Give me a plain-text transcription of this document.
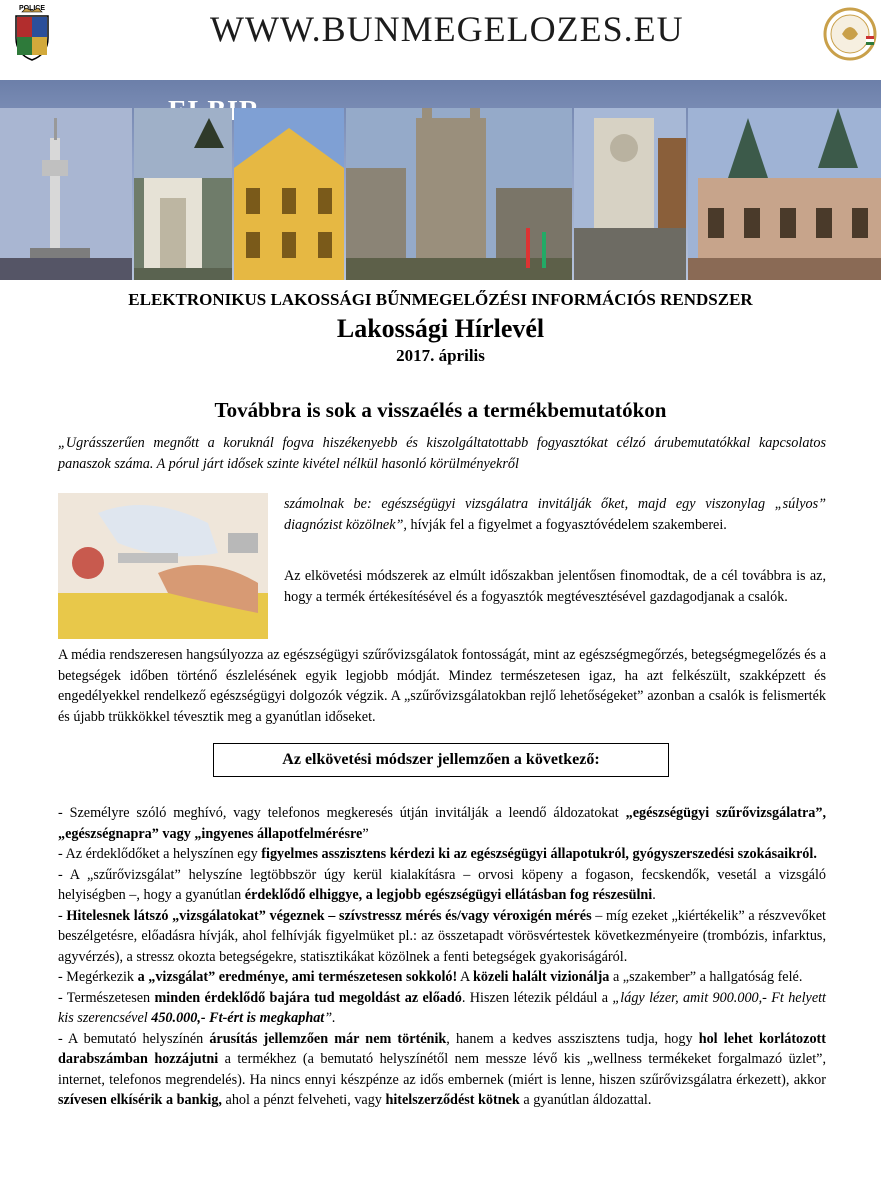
POLICE
WWW.BUNMEGELOZES.EU
ELEKTRONIKUS LAKOSSÁGI BŰNMEGELŐZÉSI INFORMÁCIÓS RENDSZER
Lakossági Hírlevél
2017. április
Továbbra is sok a visszaélés a termékbemutatókon
„Ugrásszerűen megnőtt a koruknál fogva hiszékenyebb és kiszolgáltatottabb fogyasztókat célzó árubemutatókkal kapcsolatos panaszok száma. A pórul járt idősek szinte kivétel nélkül hasonló körülményekről
számolnak be: egészségügyi vizsgálatra invitálják őket, majd egy viszonylag „súlyos” diagnózist közölnek”, hívják fel a figyelmet a fogyasztóvédelem szakemberei.
Az elkövetési módszerek az elmúlt időszakban jelentősen finomodtak, de a cél továbbra is az, hogy a termék értékesítésével és a fogyasztók megtévesztésével gazdagodjanak a csalók.
A média rendszeresen hangsúlyozza az egészségügyi szűrővizsgálatok fontosságát, mint az egészségmegőrzés, betegségmegelőzés és a betegségek időben történő észlelésének egyik legjobb módját. Mindez természetesen igaz, ha azt felkészült, szakképzett és engedélyekkel rendelkező egészségügyi dolgozók végzik. A „szűrővizsgálatokban rejlő lehetőségeket” azonban a csalók is felismerték és újabb trükkökkel tévesztik meg a gyanútlan időseket.
Az elkövetési módszer jellemzően a következő:

- Személyre szóló meghívó, vagy telefonos megkeresés útján invitálják a leendő áldozatokat „egészségügyi szűrővizsgálatra”, „egészségnapra” vagy „ingyenes állapotfelmérésre”

- Az érdeklődőket a helyszínen egy figyelmes asszisztens kérdezi ki az egészségügyi állapotukról, gyógyszerszedési szokásaikról.

- A „szűrővizsgálat” helyszíne legtöbbször úgy kerül kialakításra – orvosi köpeny a fogason, fecskendők, vesetál a vizsgáló helyiségben –, hogy a gyanútlan érdeklődő elhiggye, a legjobb egészségügyi ellátásban fog részesülni.

- Hitelesnek látszó „vizsgálatokat” végeznek – szívstressz mérés és/vagy véroxigén mérés – míg ezeket „kiértékelik” a részvevőket beszélgetésre, előadásra hívják, ahol felhívják figyelmüket pl.: az összetapadt vörösvértestek következményeire (trombózis, infarktus, agyvérzés), a stressz okozta betegségekre, statisztikákat közölnek a fenti betegségek gyakoriságáról.

- Megérkezik a „vizsgálat” eredménye, ami természetesen sokkoló! A közeli halált vizionálja a „szakember” a hallgatóság felé.

- Természetesen minden érdeklődő bajára tud megoldást az előadó. Hiszen létezik például a „lágy lézer, amit 900.000,- Ft helyett kis szerencsével 450.000,- Ft-ért is megkaphat”.

- A bemutató helyszínén árusítás jellemzően már nem történik, hanem a kedves asszisztens tudja, hogy hol lehet korlátozott darabszámban hozzájutni a termékhez (a bemutató helyszínétől nem messze lévő kis „wellness termékeket forgalmazó üzlet”, internet, telefonos megrendelés). Ha nincs ennyi készpénze az idős embernek (miért is lenne, hiszen szűrővizsgálatra érkezett), akkor szívesen elkísérik a bankig, ahol a pénzt felveheti, vagy hitelszerződést kötnek a gyanútlan áldozattal.
